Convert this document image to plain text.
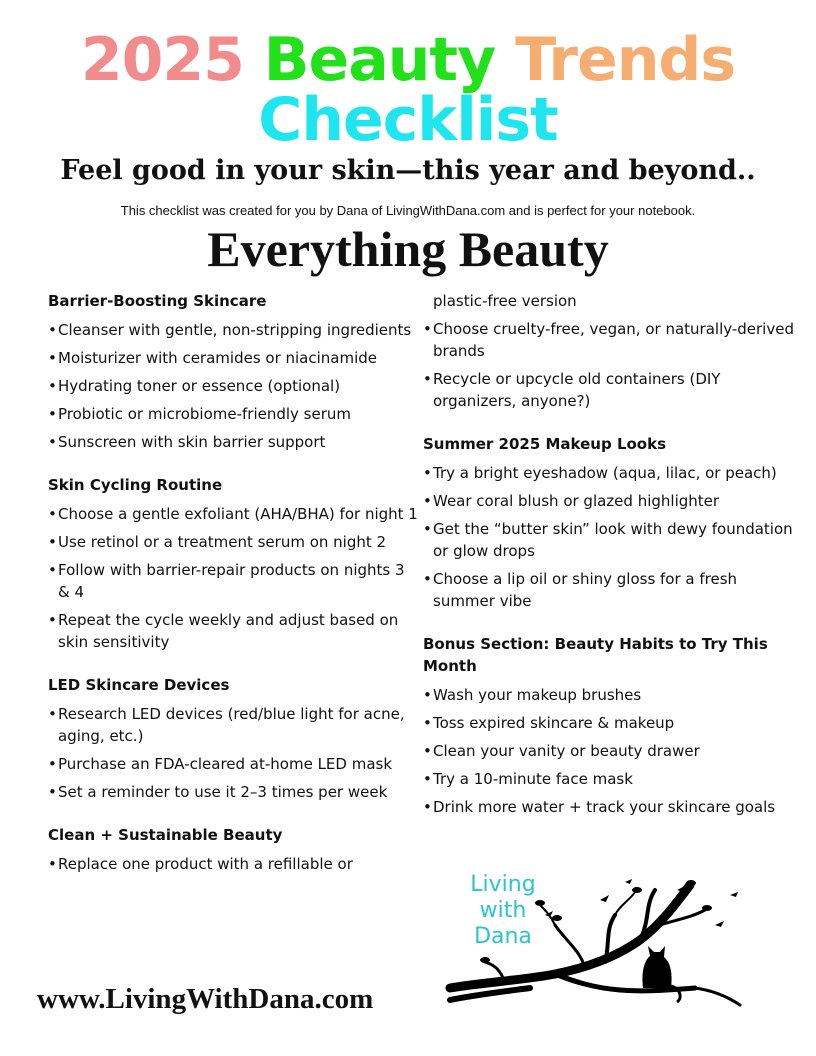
2025 Beauty Trends
Checklist
Feel good in your skin—this year and beyond..
This checklist was created for you by Dana of LivingWithDana.com and is perfect for your notebook.
Everything Beauty
Barrier-Boosting Skincare
• Cleanser with gentle, non-stripping ingredients
• Moisturizer with ceramides or niacinamide
• Hydrating toner or essence (optional)
• Probiotic or microbiome-friendly serum
• Sunscreen with skin barrier support
Skin Cycling Routine
• Choose a gentle exfoliant (AHA/BHA) for night 1
• Use retinol or a treatment serum on night 2
• Follow with barrier-repair products on nights 3 & 4
• Repeat the cycle weekly and adjust based on skin sensitivity
LED Skincare Devices
• Research LED devices (red/blue light for acne, aging, etc.)
• Purchase an FDA-cleared at-home LED mask
• Set a reminder to use it 2–3 times per week
Clean + Sustainable Beauty
• Replace one product with a refillable or
plastic-free version
• Choose cruelty-free, vegan, or naturally-derived brands
• Recycle or upcycle old containers (DIY organizers, anyone?)
Summer 2025 Makeup Looks
• Try a bright eyeshadow (aqua, lilac, or peach)
• Wear coral blush or glazed highlighter
• Get the “butter skin” look with dewy foundation or glow drops
• Choose a lip oil or shiny gloss for a fresh summer vibe
Bonus Section: Beauty Habits to Try This Month
• Wash your makeup brushes
• Toss expired skincare & makeup
• Clean your vanity or beauty drawer
• Try a 10-minute face mask
• Drink more water + track your skincare goals
www.LivingWithDana.com
Living
with
Dana
